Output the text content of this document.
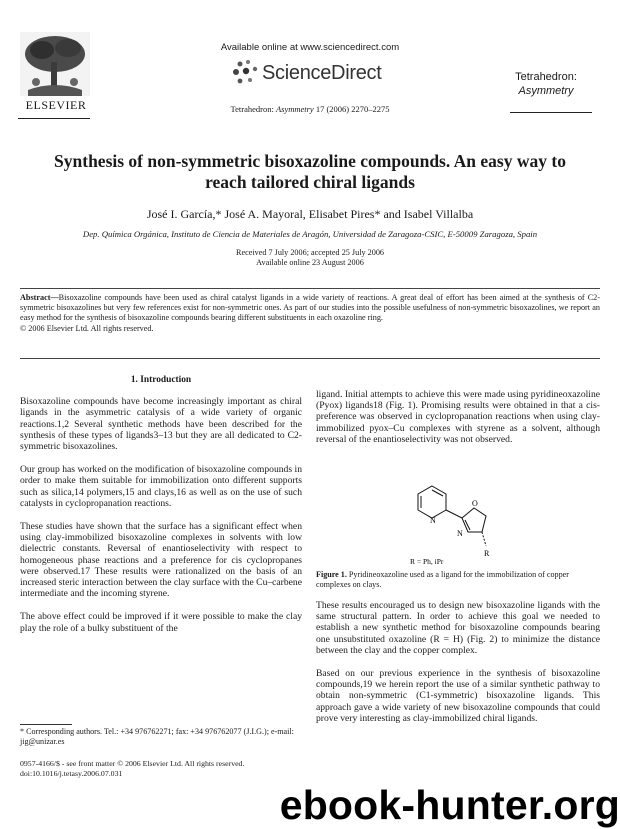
ELSEVIER
Available online at www.sciencedirect.com
ScienceDirect
Tetrahedron: Asymmetry 17 (2006) 2270–2275
Tetrahedron:
Asymmetry
Synthesis of non-symmetric bisoxazoline compounds. An easy way to reach tailored chiral ligands
José I. García,* José A. Mayoral, Elisabet Pires* and Isabel Villalba
Dep. Química Orgánica, Instituto de Ciencia de Materiales de Aragón, Universidad de Zaragoza-CSIC, E-50009 Zaragoza, Spain
Received 7 July 2006; accepted 25 July 2006
Available online 23 August 2006
Abstract—Bisoxazoline compounds have been used as chiral catalyst ligands in a wide variety of reactions. A great deal of effort has been aimed at the synthesis of C2-symmetric bisoxazolines but very few references exist for non-symmetric ones. As part of our studies into the possible usefulness of non-symmetric bisoxazolines, we report an easy method for the synthesis of bisoxazoline compounds bearing different substituents in each oxazoline ring.
© 2006 Elsevier Ltd. All rights reserved.

1. Introduction

Bisoxazoline compounds have become increasingly important as chiral ligands in the asymmetric catalysis of a wide variety of organic reactions.1,2 Several synthetic methods have been described for the synthesis of these types of ligands3–13 but they are all dedicated to C2-symmetric bisoxazolines.

Our group has worked on the modification of bisoxazoline compounds in order to make them suitable for immobilization onto different supports such as silica,14 polymers,15 and clays,16 as well as on the use of such catalysts in cyclopropanation reactions.

These studies have shown that the surface has a significant effect when using clay-immobilized bisoxazoline complexes in solvents with low dielectric constants. Reversal of enantioselectivity with respect to homogeneous phase reactions and a preference for cis cyclopropanes were observed.17 These results were rationalized on the basis of an increased steric interaction between the clay surface with the Cu–carbene intermediate and the incoming styrene.

The above effect could be improved if it were possible to make the clay play the role of a bulky substituent of the

ligand. Initial attempts to achieve this were made using pyridineoxazoline (Pyox) ligands18 (Fig. 1). Promising results were obtained in that a cis-preference was observed in cyclopropanation reactions when using clay-immobilized pyox–Cu complexes with styrene as a solvent, although reversal of the enantioselectivity was not observed.

N
O
N
R
R = Ph, iPr
Figure 1. Pyridineoxazoline used as a ligand for the immobilization of copper complexes on clays.

These results encouraged us to design new bisoxazoline ligands with the same structural pattern. In order to achieve this goal we needed to establish a new synthetic method for bisoxazoline compounds bearing one unsubstituted oxazoline (R = H) (Fig. 2) to minimize the distance between the clay and the copper complex.

Based on our previous experience in the synthesis of bisoxazoline compounds,19 we herein report the use of a similar synthetic pathway to obtain non-symmetric (C1-symmetric) bisoxazoline ligands. This approach gave a wide variety of new bisoxazoline compounds that could prove very interesting as clay-immobilized chiral ligands.

* Corresponding authors. Tel.: +34 976762271; fax: +34 976762077 (J.I.G.); e-mail: jig@unizar.es
0957-4166/$ - see front matter © 2006 Elsevier Ltd. All rights reserved.
doi:10.1016/j.tetasy.2006.07.031
ebook-hunter.org
